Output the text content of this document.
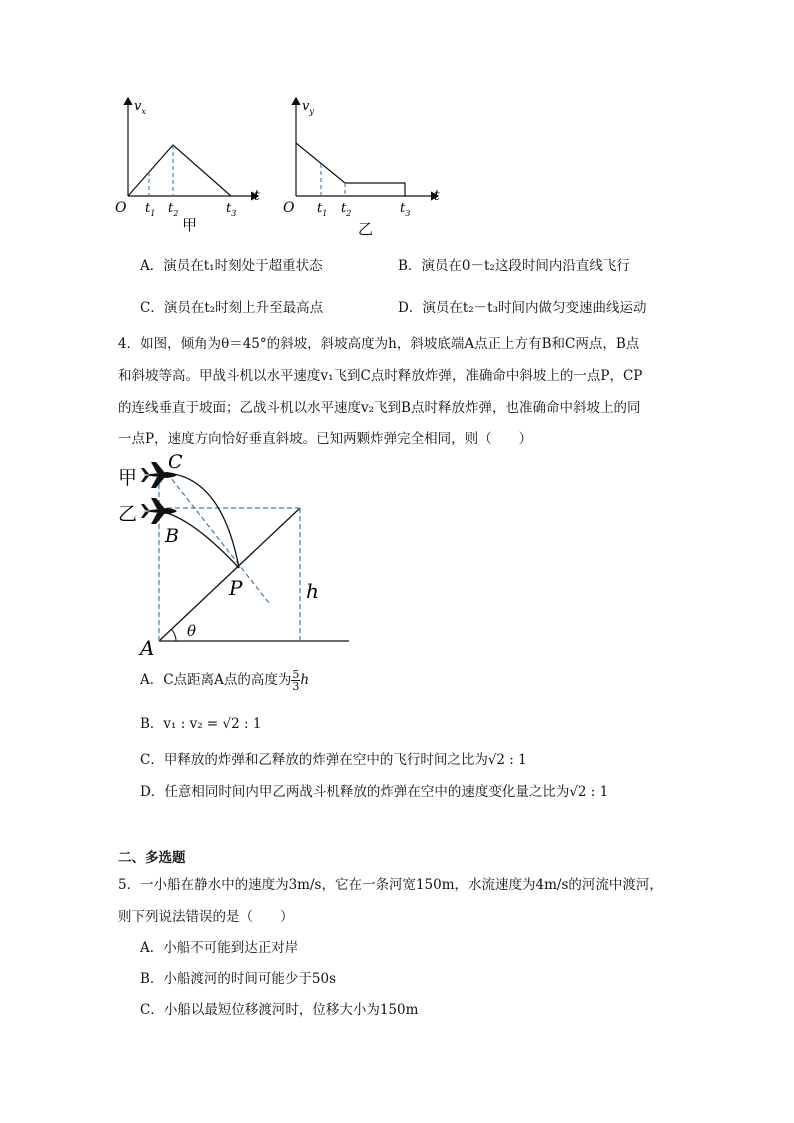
$v_x$
O
t
$t_1$ $t_2$	$t_3$
甲
$v_y$
O
t
$t_1$ $t_2$	$t_3$
乙
A．演员在t₁时刻处于超重状态	B．演员在0－t₂这段时间内沿直线飞行
C．演员在t₂时刻上升至最高点	D．演员在t₂－t₃时间内做匀变速曲线运动
4．如图，倾角为θ＝45°的斜坡，斜坡高度为h，斜坡底端A点正上方有B和C两点，B点
和斜坡等高。甲战斗机以水平速度v₁飞到C点时释放炸弹，准确命中斜坡上的一点P，CP
的连线垂直于坡面；乙战斗机以水平速度v₂飞到B点时释放炸弹，也准确命中斜坡上的同
一点P，速度方向恰好垂直斜坡。已知两颗炸弹完全相同，则（　　）
甲
乙
C
B
P	h
A
θ
A．C点距离A点的高度为 $\frac{5}{3}$ h
B．v₁ : v₂ = √2 : 1
C．甲释放的炸弹和乙释放的炸弹在空中的飞行时间之比为√2 : 1
D．任意相同时间内甲乙两战斗机释放的炸弹在空中的速度变化量之比为√2 : 1
二、多选题
5．一小船在静水中的速度为3m/s，它在一条河宽150m，水流速度为4m/s的河流中渡河，
则下列说法错误的是（　　）
A．小船不可能到达正对岸
B．小船渡河的时间可能少于50s
C．小船以最短位移渡河时，位移大小为150m
